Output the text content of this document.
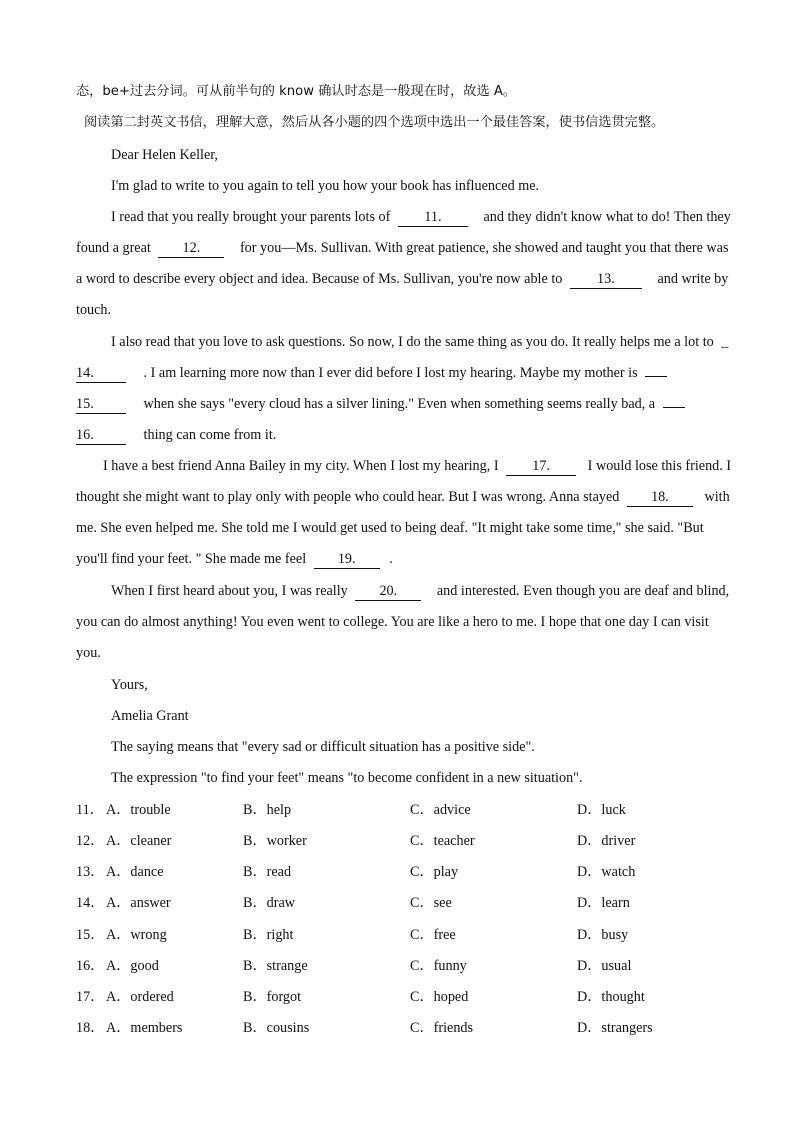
态，be+过去分词。可从前半句的 know 确认时态是一般现在时，故选 A。
阅读第二封英文书信，理解大意，然后从各小题的四个选项中选出一个最佳答案，使书信选贯完整。
Dear Helen Keller,
I'm glad to write to you again to tell you how your book has influenced me.
I read that you really brought your parents lots of 11.	and they didn't know what to do! Then they
found a great 12.	for you—Ms. Sullivan. With great patience, she showed and taught you that there was
a word to describe every object and idea. Because of Ms. Sullivan, you're now able to 13.	and write by
touch.
I also read that you love to ask questions. So now, I do the same thing as you do. It really helps me a lot to _
14.	. I am learning more now than I ever did before I lost my hearing. Maybe my mother is
15.	when she says "every cloud has a silver lining." Even when something seems really bad, a
16.	thing can come from it.
I have a best friend Anna Bailey in my city. When I lost my hearing, I 17.	I would lose this friend. I
thought she might want to play only with people who could hear. But I was wrong. Anna stayed 18.	with
me. She even helped me. She told me I would get used to being deaf. "It might take some time," she said. "But
you'll find your feet. " She made me feel 19. .
When I first heard about you, I was really 20.	and interested. Even though you are deaf and blind,
you can do almost anything! You even went to college. You are like a hero to me. I hope that one day I can visit
you.
Yours,
Amelia Grant
The saying means that "every sad or difficult situation has a positive side".
The expression "to find your feet" means "to become confident in a new situation".
11． A．trouble	B．help	C．advice	D．luck
12． A．cleaner	B．worker	C．teacher	D．driver
13． A．dance	B．read	C．play	D．watch
14． A．answer	B．draw	C．see	D．learn
15． A．wrong	B．right	C．free	D．busy
16． A．good	B．strange	C．funny	D．usual
17． A．ordered	B．forgot	C．hoped	D．thought
18． A．members	B．cousins	C．friends	D．strangers
